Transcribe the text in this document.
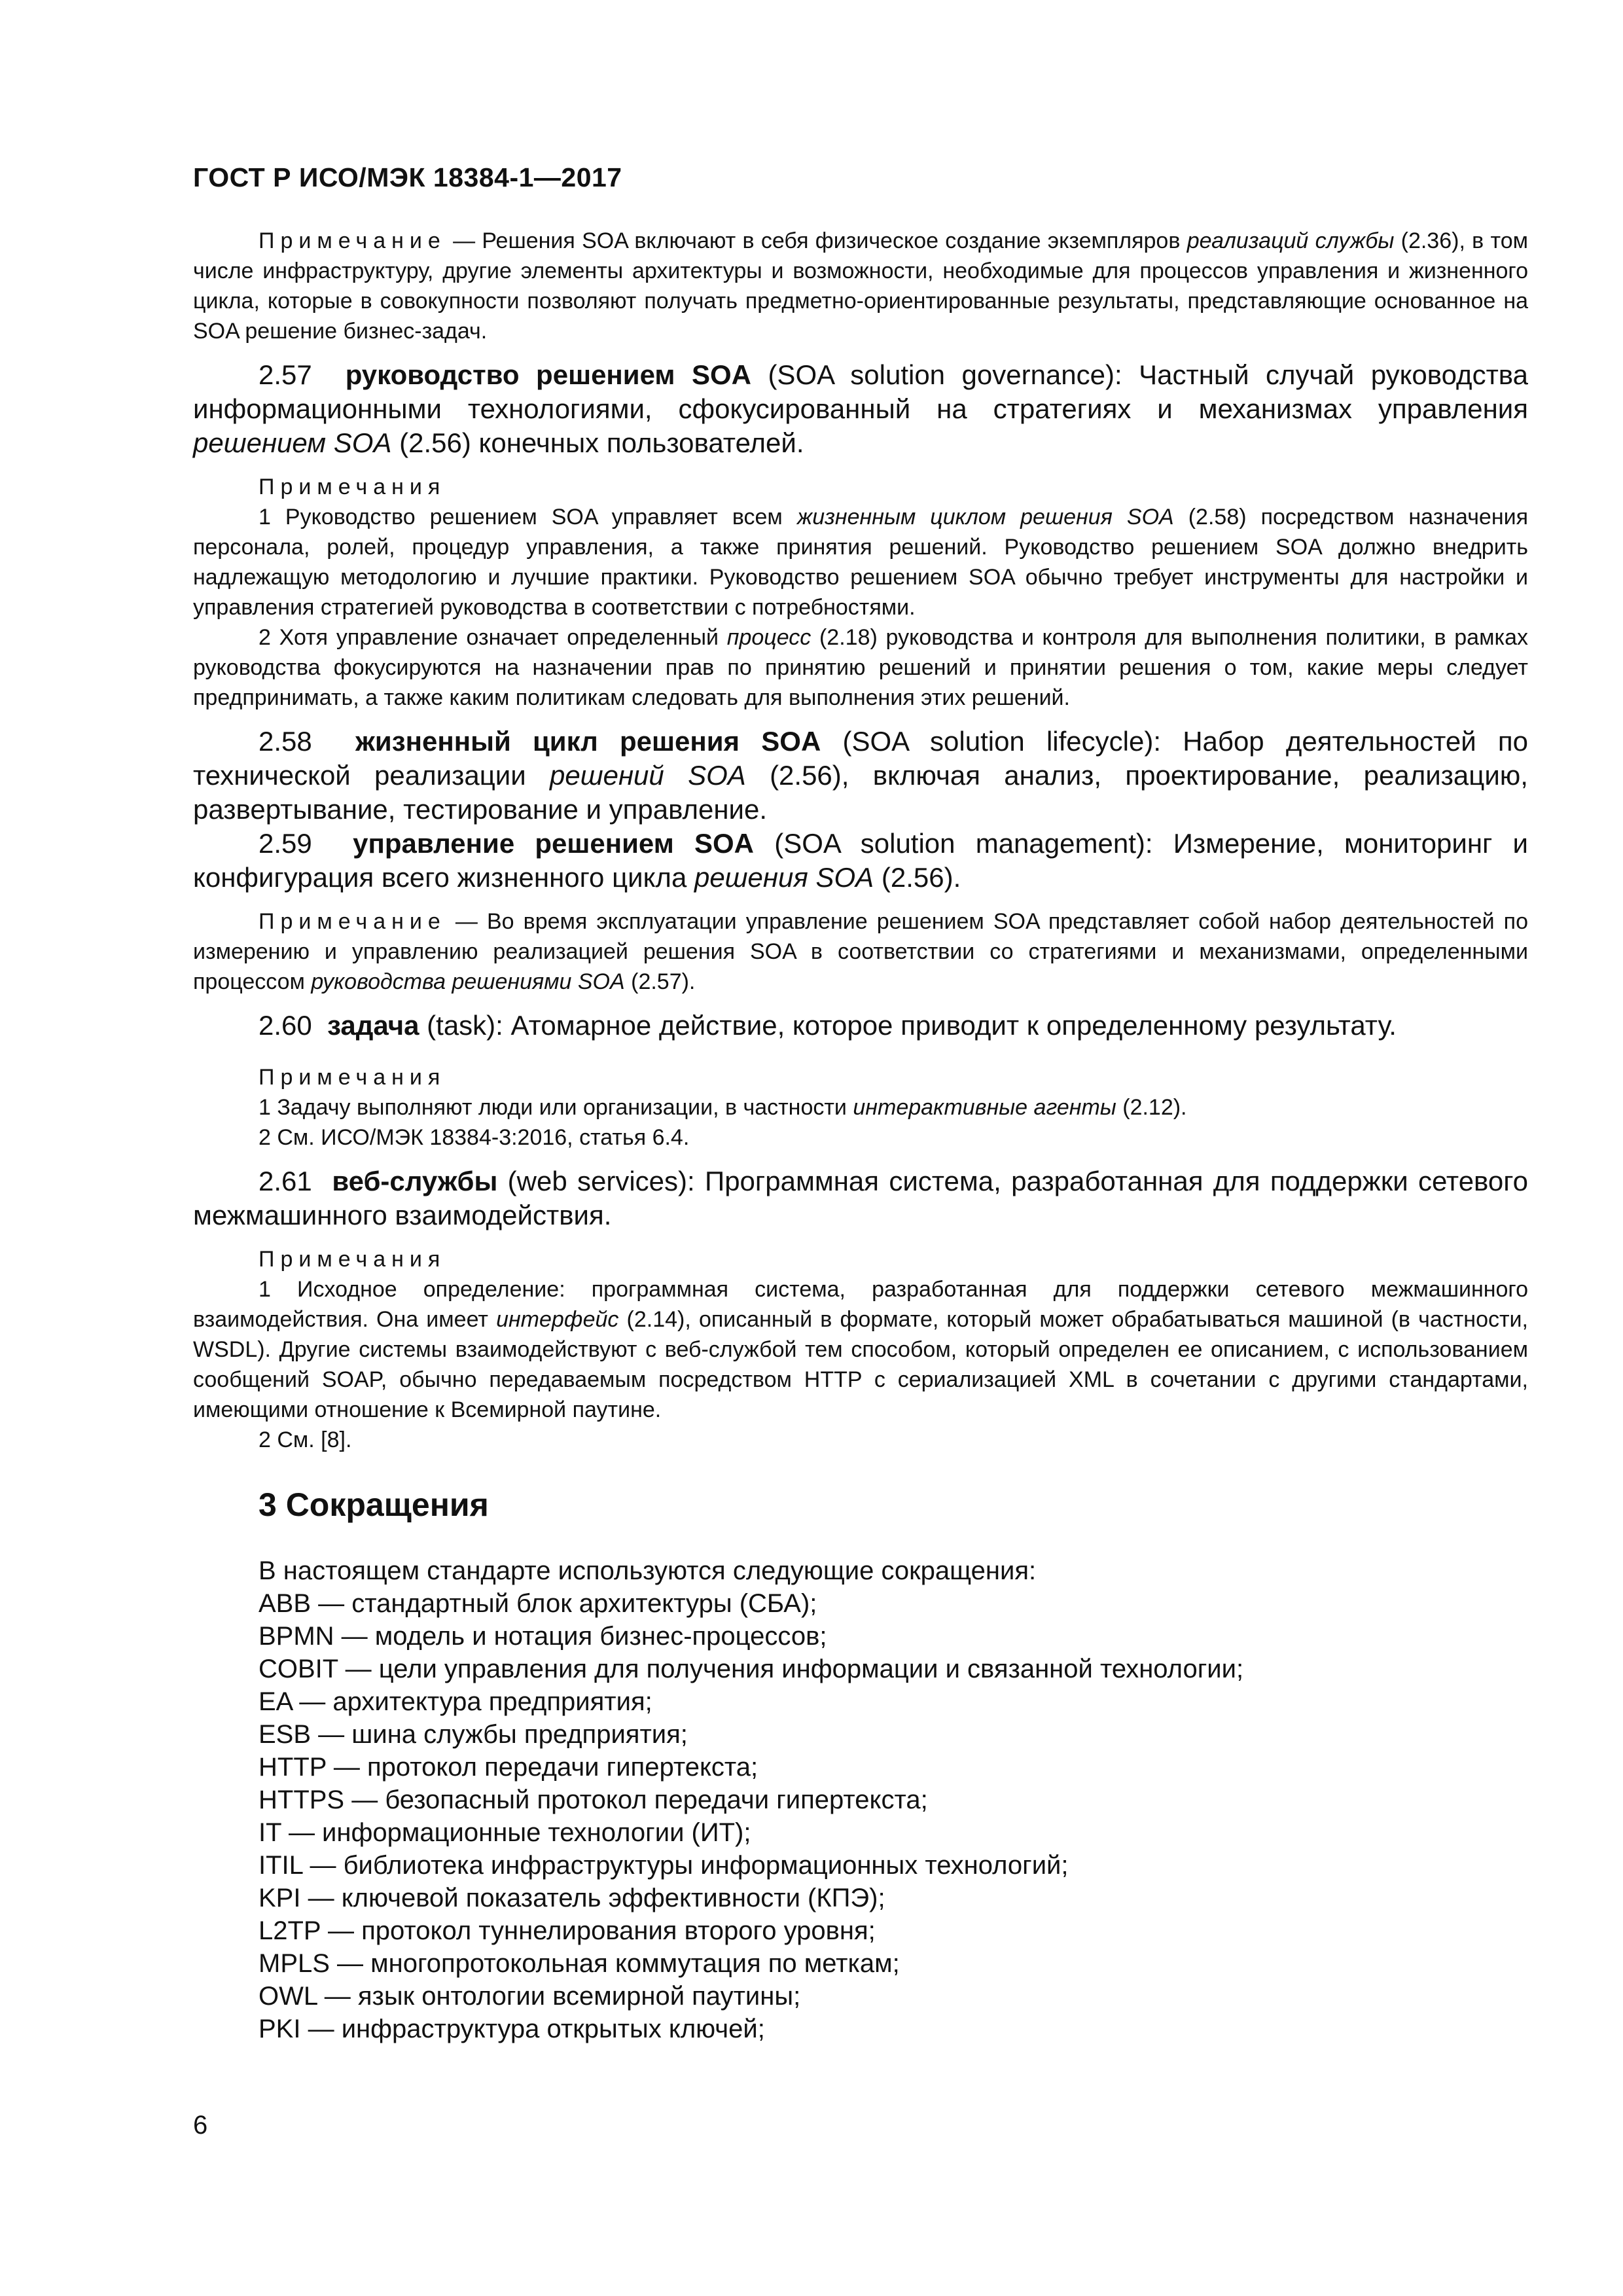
ГОСТ Р ИСО/МЭК 18384-1—2017

Примечание — Решения SOA включают в себя физическое создание экземпляров реализаций службы (2.36), в том числе инфраструктуру, другие элементы архитектуры и возможности, необходимые для процессов управления и жизненного цикла, которые в совокупности позволяют получать предметно-ориентированные результаты, представляющие основанное на SOA решение бизнес-задач.

2.57 руководство решением SOA (SOA solution governance): Частный случай руководства информационными технологиями, сфокусированный на стратегиях и механизмах управления решением SOA (2.56) конечных пользователей.

Примечания

1 Руководство решением SOA управляет всем жизненным циклом решения SOA (2.58) посредством назначения персонала, ролей, процедур управления, а также принятия решений. Руководство решением SOA должно внедрить надлежащую методологию и лучшие практики. Руководство решением SOA обычно требует инструменты для настройки и управления стратегией руководства в соответствии с потребностями.

2 Хотя управление означает определенный процесс (2.18) руководства и контроля для выполнения политики, в рамках руководства фокусируются на назначении прав по принятию решений и принятии решения о том, какие меры следует предпринимать, а также каким политикам следовать для выполнения этих решений.

2.58 жизненный цикл решения SOA (SOA solution lifecycle): Набор деятельностей по технической реализации решений SOA (2.56), включая анализ, проектирование, реализацию, развертывание, тестирование и управление.

2.59 управление решением SOA (SOA solution management): Измерение, мониторинг и конфигурация всего жизненного цикла решения SOA (2.56).

Примечание — Во время эксплуатации управление решением SOA представляет собой набор деятельностей по измерению и управлению реализацией решения SOA в соответствии со стратегиями и механизмами, определенными процессом руководства решениями SOA (2.57).

2.60 задача (task): Атомарное действие, которое приводит к определенному результату.

Примечания

1 Задачу выполняют люди или организации, в частности интерактивные агенты (2.12).

2 См. ИСО/МЭК 18384-3:2016, статья 6.4.

2.61 веб-службы (web services): Программная система, разработанная для поддержки сетевого межмашинного взаимодействия.

Примечания

1 Исходное определение: программная система, разработанная для поддержки сетевого межмашинного взаимодействия. Она имеет интерфейс (2.14), описанный в формате, который может обрабатываться машиной (в частности, WSDL). Другие системы взаимодействуют с веб-службой тем способом, который определен ее описанием, с использованием сообщений SOAP, обычно передаваемым посредством HTTP с сериализацией XML в сочетании с другими стандартами, имеющими отношение к Всемирной паутине.

2 См. [8].

3 Сокращения

В настоящем стандарте используются следующие сокращения:

ABB — стандартный блок архитектуры (СБА);
BPMN — модель и нотация бизнес-процессов;
COBIT — цели управления для получения информации и связанной технологии;
EA — архитектура предприятия;
ESB — шина службы предприятия;
HTTP — протокол передачи гипертекста;
HTTPS — безопасный протокол передачи гипертекста;
IT — информационные технологии (ИТ);
ITIL — библиотека инфраструктуры информационных технологий;
KPI — ключевой показатель эффективности (КПЭ);
L2TP — протокол туннелирования второго уровня;
MPLS — многопротокольная коммутация по меткам;
OWL — язык онтологии всемирной паутины;
PKI — инфраструктура открытых ключей;
6
